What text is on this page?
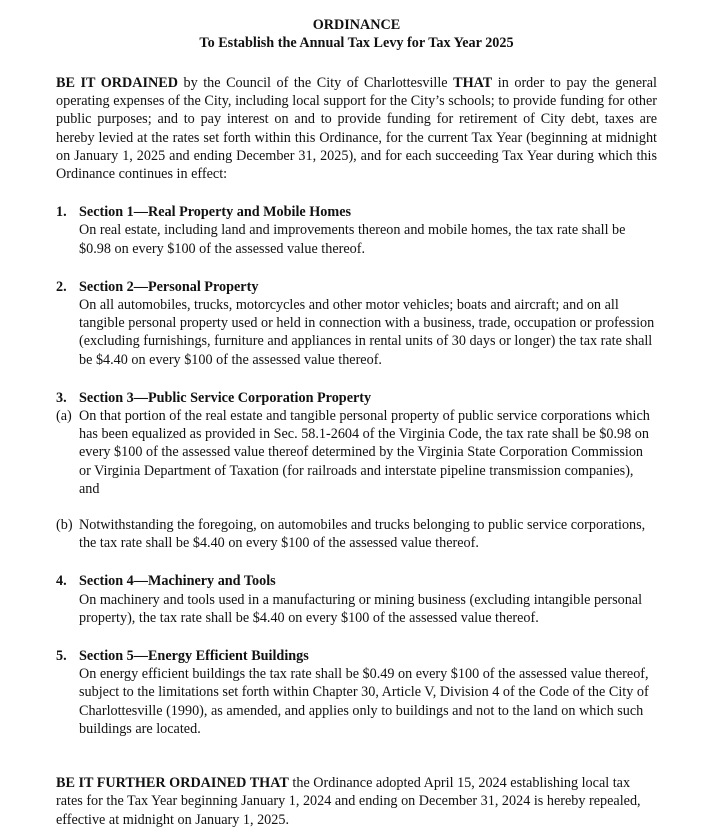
ORDINANCE
To Establish the Annual Tax Levy for Tax Year 2025
BE IT ORDAINED by the Council of the City of Charlottesville THAT in order to pay the general operating expenses of the City, including local support for the City’s schools; to provide funding for other public purposes; and to pay interest on and to provide funding for retirement of City debt, taxes are hereby levied at the rates set forth within this Ordinance, for the current Tax Year (beginning at midnight on January 1, 2025 and ending December 31, 2025), and for each succeeding Tax Year during which this Ordinance continues in effect:
1. Section 1—Real Property and Mobile Homes
On real estate, including land and improvements thereon and mobile homes, the tax rate shall be $0.98 on every $100 of the assessed value thereof.
2. Section 2—Personal Property
On all automobiles, trucks, motorcycles and other motor vehicles; boats and aircraft; and on all tangible personal property used or held in connection with a business, trade, occupation or profession (excluding furnishings, furniture and appliances in rental units of 30 days or longer) the tax rate shall be $4.40 on every $100 of the assessed value thereof.
3. Section 3—Public Service Corporation Property
(a) On that portion of the real estate and tangible personal property of public service corporations which has been equalized as provided in Sec. 58.1-2604 of the Virginia Code, the tax rate shall be $0.98 on every $100 of the assessed value thereof determined by the Virginia State Corporation Commission or Virginia Department of Taxation (for railroads and interstate pipeline transmission companies), and
(b) Notwithstanding the foregoing, on automobiles and trucks belonging to public service corporations, the tax rate shall be $4.40 on every $100 of the assessed value thereof.
4. Section 4—Machinery and Tools
On machinery and tools used in a manufacturing or mining business (excluding intangible personal property), the tax rate shall be $4.40 on every $100 of the assessed value thereof.
5. Section 5—Energy Efficient Buildings
On energy efficient buildings the tax rate shall be $0.49 on every $100 of the assessed value thereof, subject to the limitations set forth within Chapter 30, Article V, Division 4 of the Code of the City of Charlottesville (1990), as amended, and applies only to buildings and not to the land on which such buildings are located.
BE IT FURTHER ORDAINED THAT the Ordinance adopted April 15, 2024 establishing local tax rates for the Tax Year beginning January 1, 2024 and ending on December 31, 2024 is hereby repealed, effective at midnight on January 1, 2025.
